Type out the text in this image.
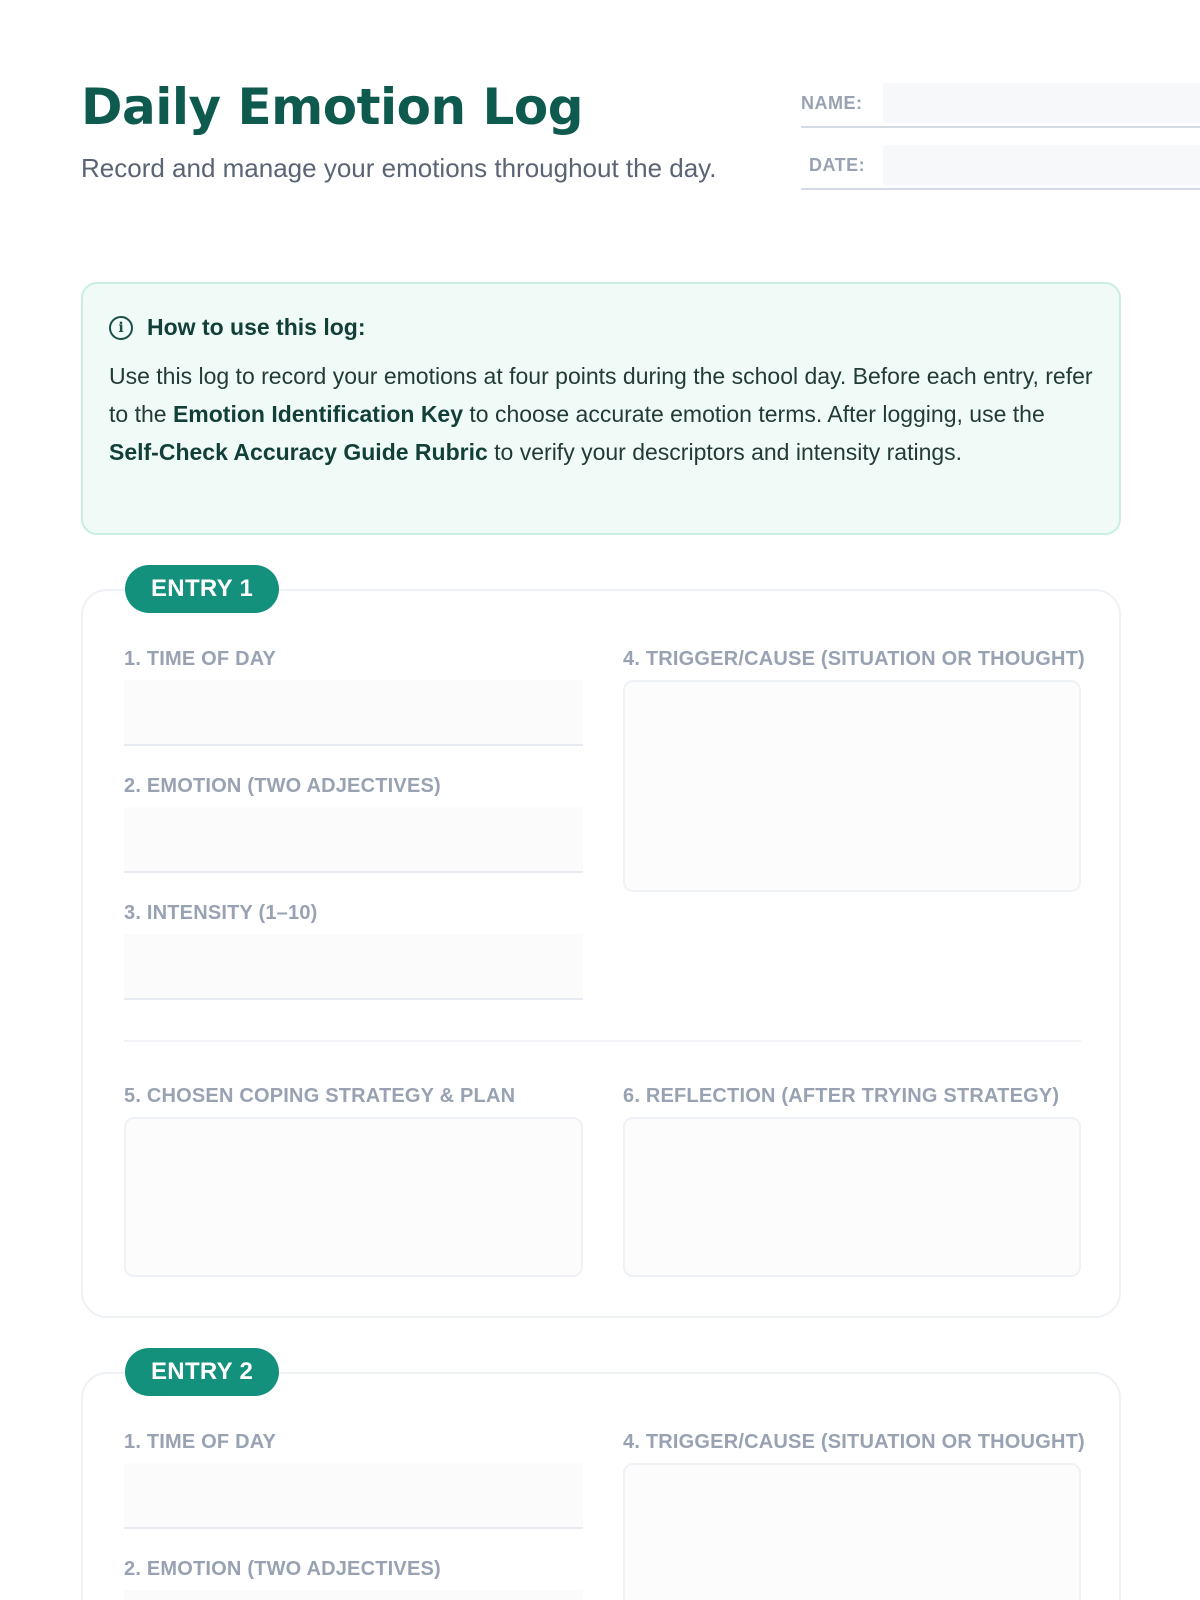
Daily Emotion Log

Record and manage your emotions throughout the day.

NAME:
DATE:
i	How to use this log:

Use this log to record your emotions at four points during the school day. Before each entry, refer to the Emotion Identification Key to choose accurate emotion terms. After logging, use the Self-Check Accuracy Guide Rubric to verify your descriptors and intensity ratings.

ENTRY 1
1. TIME OF DAY
2. EMOTION (TWO ADJECTIVES)
3. INTENSITY (1–10)
4. TRIGGER/CAUSE (SITUATION OR THOUGHT)
5. CHOSEN COPING STRATEGY & PLAN	6. REFLECTION (AFTER TRYING STRATEGY)
ENTRY 2
1. TIME OF DAY
2. EMOTION (TWO ADJECTIVES)
4. TRIGGER/CAUSE (SITUATION OR THOUGHT)
